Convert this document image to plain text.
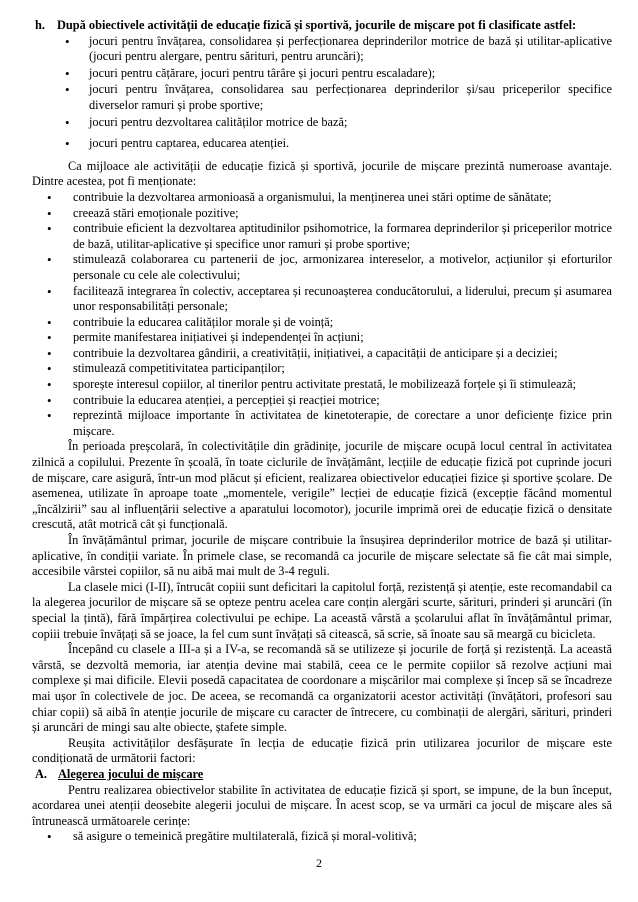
h. După obiectivele activității de educație fizică și sportivă, jocurile de mișcare pot fi clasificate astfel:
• jocuri pentru învățarea, consolidarea și perfecționarea deprinderilor motrice de bază și utilitar-aplicative (jocuri pentru alergare, pentru sărituri, pentru aruncări);
• jocuri pentru cățărare, jocuri pentru târâre și jocuri pentru escaladare);
• jocuri pentru învățarea, consolidarea sau perfecționarea deprinderilor și/sau priceperilor specifice diverselor ramuri și probe sportive;
• jocuri pentru dezvoltarea calităților motrice de bază;
• jocuri pentru captarea, educarea atenției.

Ca mijloace ale activității de educație fizică și sportivă, jocurile de mișcare prezintă numeroase avantaje. Dintre acestea, pot fi menționate:

• contribuie la dezvoltarea armonioasă a organismului, la menținerea unei stări optime de sănătate;
• creează stări emoționale pozitive;
• contribuie eficient la dezvoltarea aptitudinilor psihomotrice, la formarea deprinderilor și priceperilor motrice de bază, utilitar-aplicative și specifice unor ramuri și probe sportive;
• stimulează colaborarea cu partenerii de joc, armonizarea intereselor, a motivelor, acțiunilor și eforturilor personale cu cele ale colectivului;
• facilitează integrarea în colectiv, acceptarea și recunoașterea conducătorului, a liderului, precum și asumarea unor responsabilități personale;
• contribuie la educarea calităților morale și de voință;
• permite manifestarea inițiativei și independenței în acțiuni;
• contribuie la dezvoltarea gândirii, a creativității, inițiativei, a capacității de anticipare și a deciziei;
• stimulează competitivitatea participanților;
• sporește interesul copiilor, al tinerilor pentru activitate prestată, le mobilizează forțele și îi stimulează;
• contribuie la educarea atenției, a percepției și reacției motrice;
• reprezintă mijloace importante în activitatea de kinetoterapie, de corectare a unor deficiențe fizice prin mișcare.

În perioada preșcolară, în colectivitățile din grădinițe, jocurile de mișcare ocupă locul central în activitatea zilnică a copilului. Prezente în școală, în toate ciclurile de învățământ, lecțiile de educație fizică pot cuprinde jocuri de mișcare, care asigură, într-un mod plăcut și eficient, realizarea obiectivelor educației fizice și sportive școlare. De asemenea, utilizate în aproape toate „momentele, verigile” lecției de educație fizică (excepție făcând momentul „încălzirii” sau al influențării selective a aparatului locomotor), jocurile imprimă orei de educație fizică o densitate crescută, atât motrică cât și funcțională.

În învățământul primar, jocurile de mișcare contribuie la însușirea deprinderilor motrice de bază și utilitar-aplicative, în condiții variate. În primele clase, se recomandă ca jocurile de mișcare selectate să fie cât mai simple, accesibile vârstei copiilor, să nu aibă mai mult de 3-4 reguli.

La clasele mici (I-II), întrucât copiii sunt deficitari la capitolul forță, rezistență și atenție, este recomandabil ca la alegerea jocurilor de mișcare să se opteze pentru acelea care conțin alergări scurte, sărituri, prinderi și aruncări (în special la țintă), fără împărțirea colectivului pe echipe. La această vârstă a școlarului aflat în învățământul primar, copiii trebuie învățați să se joace, la fel cum sunt învățați să citească, să scrie, să înoate sau să meargă cu bicicleta.

Începând cu clasele a III-a și a IV-a, se recomandă să se utilizeze și jocurile de forță și rezistență. La această vârstă, se dezvoltă memoria, iar atenția devine mai stabilă, ceea ce le permite copiilor să rezolve acțiuni mai complexe și mai dificile. Elevii posedă capacitatea de coordonare a mișcărilor mai complexe și încep să se încadreze mai ușor în colectivele de joc. De aceea, se recomandă ca organizatorii acestor activități (învățători, profesori sau chiar copii) să aibă în atenție jocurile de mișcare cu caracter de întrecere, cu combinații de alergări, sărituri, prinderi și aruncări de mingi sau alte obiecte, ștafete simple.

Reușita activităților desfășurate în lecția de educație fizică prin utilizarea jocurilor de mișcare este condiționată de următorii factori:

A. Alegerea jocului de mișcare

Pentru realizarea obiectivelor stabilite în activitatea de educație fizică și sport, se impune, de la bun început, acordarea unei atenții deosebite alegerii jocului de mișcare. În acest scop, se va urmări ca jocul de mișcare ales să întrunească următoarele cerințe:

• să asigure o temeinică pregătire multilaterală, fizică și moral-volitivă;
2
